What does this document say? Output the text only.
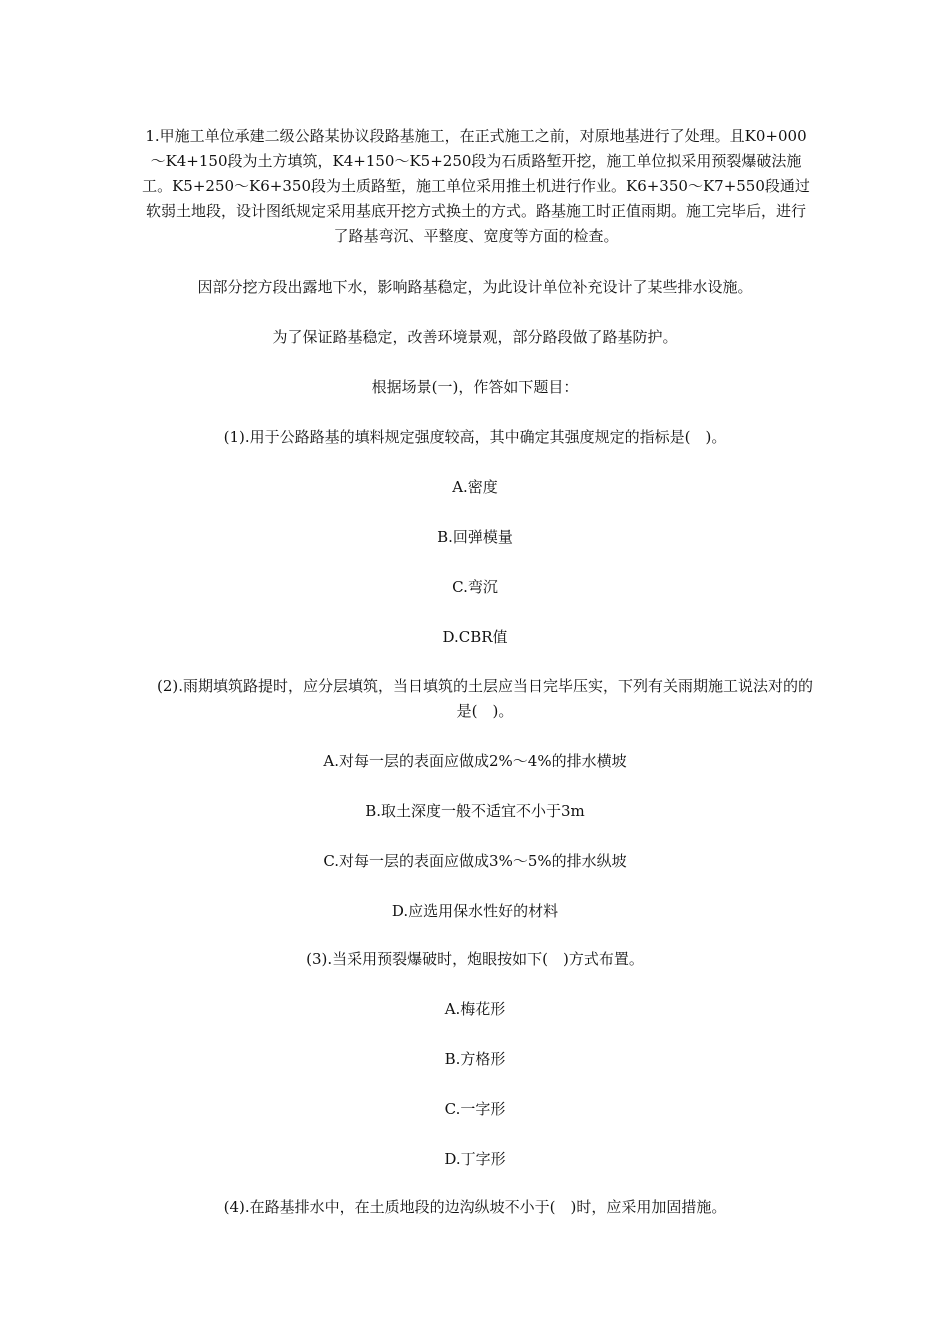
1.甲施工单位承建二级公路某协议段路基施工，在正式施工之前，对原地基进行了处理。且K0+000～K4+150段为土方填筑，K4+150～K5+250段为石质路堑开挖，施工单位拟采用预裂爆破法施工。K5+250～K6+350段为土质路堑，施工单位采用推土机进行作业。K6+350～K7+550段通过软弱土地段，设计图纸规定采用基底开挖方式换土的方式。路基施工时正值雨期。施工完毕后，进行了路基弯沉、平整度、宽度等方面的检查。

因部分挖方段出露地下水，影响路基稳定，为此设计单位补充设计了某些排水设施。

为了保证路基稳定，改善环境景观，部分路段做了路基防护。

根据场景(一)，作答如下题目：

(1).用于公路路基的填料规定强度较高，其中确定其强度规定的指标是(　)。

A.密度

B.回弹模量

C.弯沉

D.CBR值

(2).雨期填筑路提时，应分层填筑，当日填筑的土层应当日完毕压实，下列有关雨期施工说法对的的是(　)。

A.对每一层的表面应做成2%～4%的排水横坡

B.取土深度一般不适宜不小于3m

C.对每一层的表面应做成3%～5%的排水纵坡

D.应选用保水性好的材料

(3).当采用预裂爆破时，炮眼按如下(　)方式布置。

A.梅花形

B.方格形

C.一字形

D.丁字形

(4).在路基排水中，在土质地段的边沟纵坡不小于(　)时，应采用加固措施。
